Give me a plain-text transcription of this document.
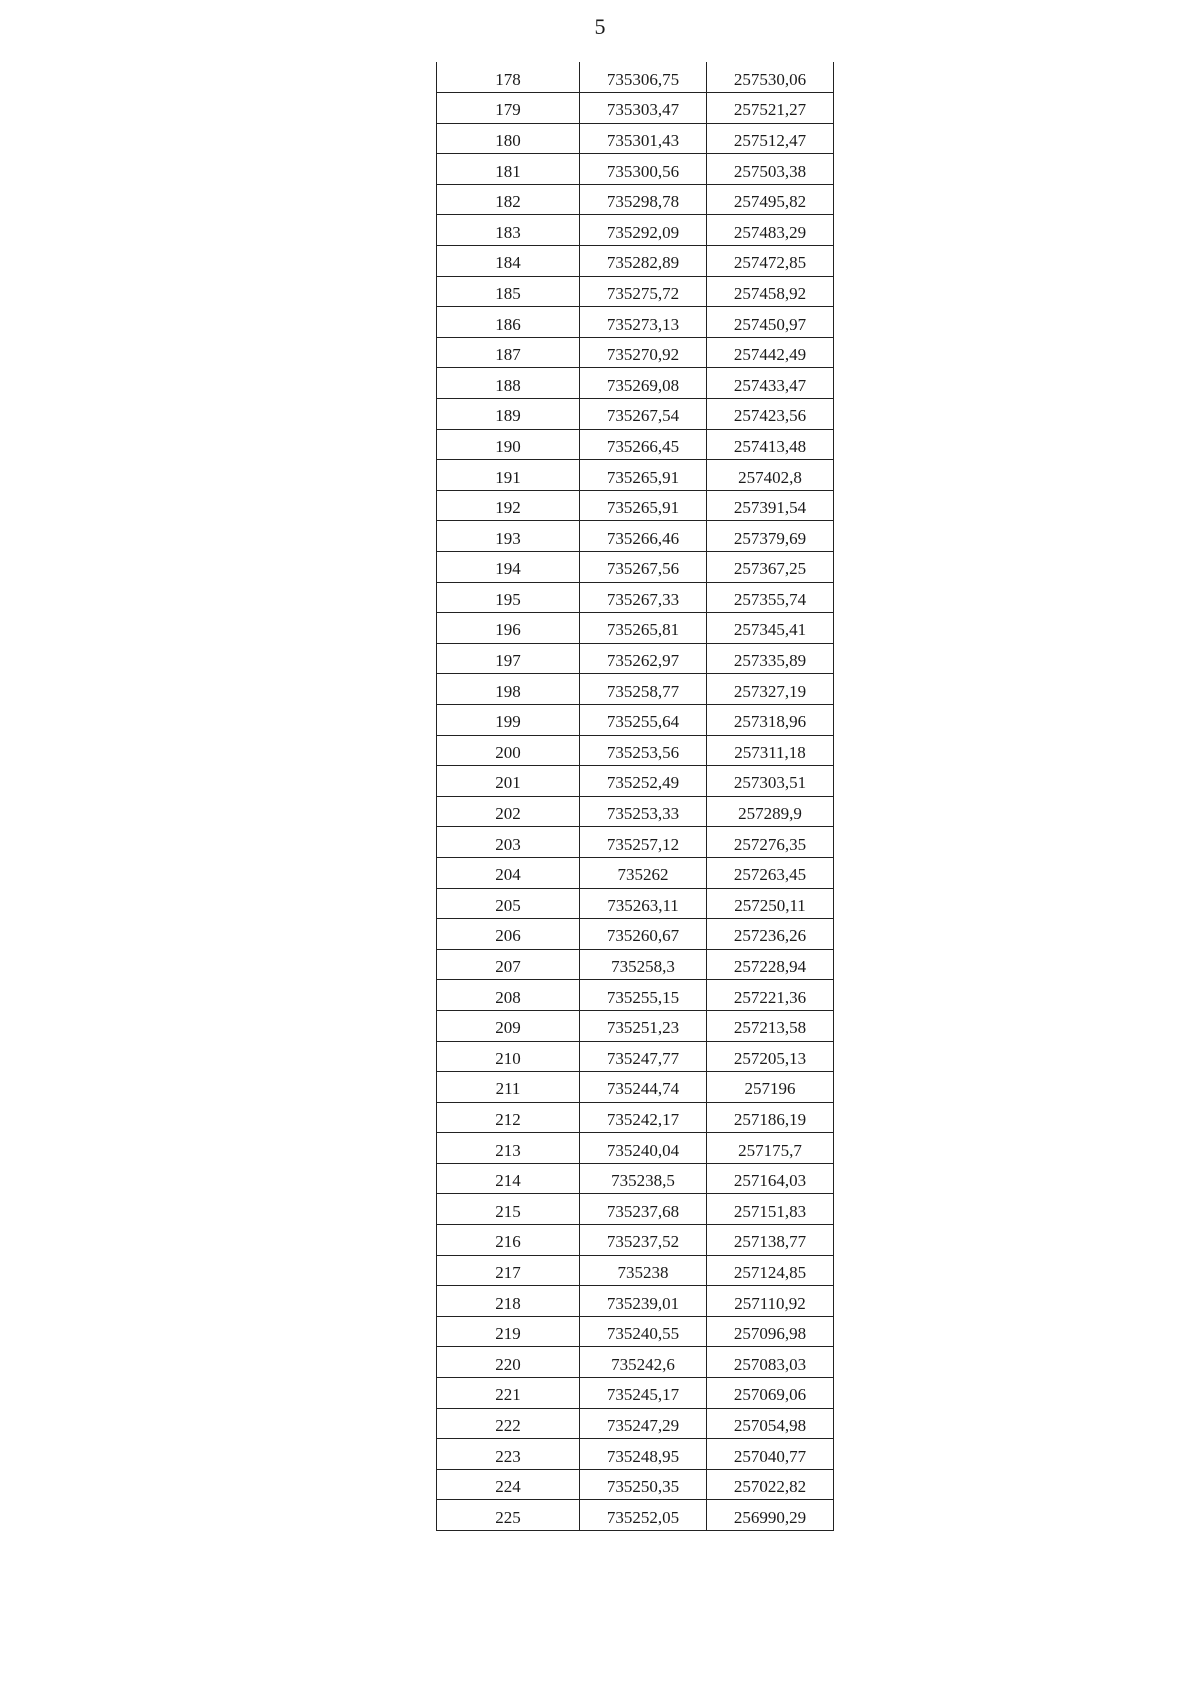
5
178	735306,75	257530,06
179	735303,47	257521,27
180	735301,43	257512,47
181	735300,56	257503,38
182	735298,78	257495,82
183	735292,09	257483,29
184	735282,89	257472,85
185	735275,72	257458,92
186	735273,13	257450,97
187	735270,92	257442,49
188	735269,08	257433,47
189	735267,54	257423,56
190	735266,45	257413,48
191	735265,91	257402,8
192	735265,91	257391,54
193	735266,46	257379,69
194	735267,56	257367,25
195	735267,33	257355,74
196	735265,81	257345,41
197	735262,97	257335,89
198	735258,77	257327,19
199	735255,64	257318,96
200	735253,56	257311,18
201	735252,49	257303,51
202	735253,33	257289,9
203	735257,12	257276,35
204	735262	257263,45
205	735263,11	257250,11
206	735260,67	257236,26
207	735258,3	257228,94
208	735255,15	257221,36
209	735251,23	257213,58
210	735247,77	257205,13
211	735244,74	257196
212	735242,17	257186,19
213	735240,04	257175,7
214	735238,5	257164,03
215	735237,68	257151,83
216	735237,52	257138,77
217	735238	257124,85
218	735239,01	257110,92
219	735240,55	257096,98
220	735242,6	257083,03
221	735245,17	257069,06
222	735247,29	257054,98
223	735248,95	257040,77
224	735250,35	257022,82
225	735252,05	256990,29
